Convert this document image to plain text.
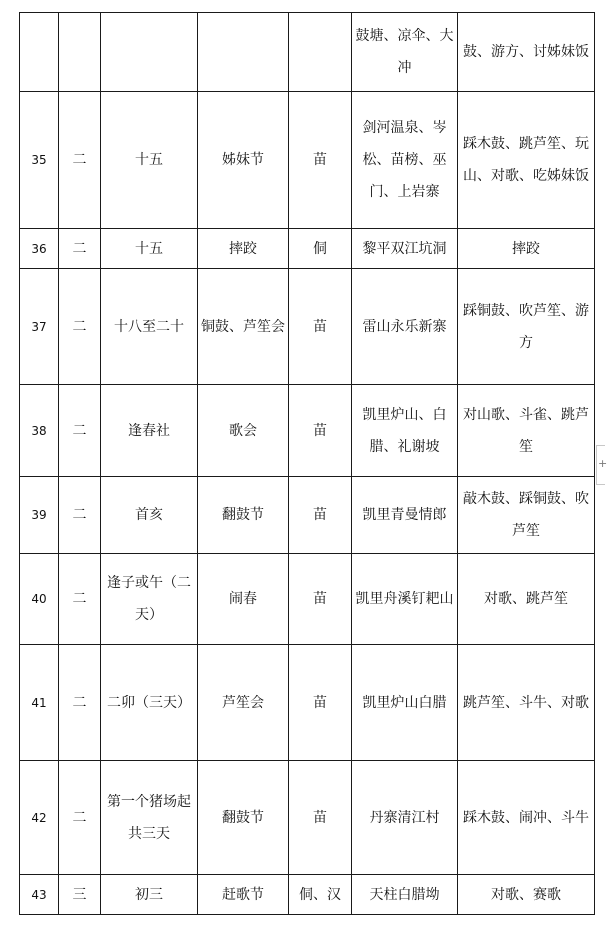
					鼓塘、凉伞、大冲	鼓、游方、讨姊妹饭
35	二	十五	姊妹节	苗	剑河温泉、岑松、苗榜、巫门、上岩寨	踩木鼓、跳芦笙、玩山、对歌、吃姊妹饭
36	二	十五	摔跤	侗	黎平双江坑洞	摔跤
37	二	十八至二十	铜鼓、芦笙会	苗	雷山永乐新寨	踩铜鼓、吹芦笙、游方
38	二	逢春社	歌会	苗	凯里炉山、白腊、礼谢坡	对山歌、斗雀、跳芦笙
39	二	首亥	翻鼓节	苗	凯里青曼情郎	敲木鼓、踩铜鼓、吹芦笙
40	二	逢子或午（二天）	闹春	苗	凯里舟溪钉耙山	对歌、跳芦笙
41	二	二卯（三天）	芦笙会	苗	凯里炉山白腊	跳芦笙、斗牛、对歌
42	二	第一个猪场起共三天	翻鼓节	苗	丹寨清江村	踩木鼓、闹冲、斗牛
43	三	初三	赶歌节	侗、汉	天柱白腊坳	对歌、赛歌
+
